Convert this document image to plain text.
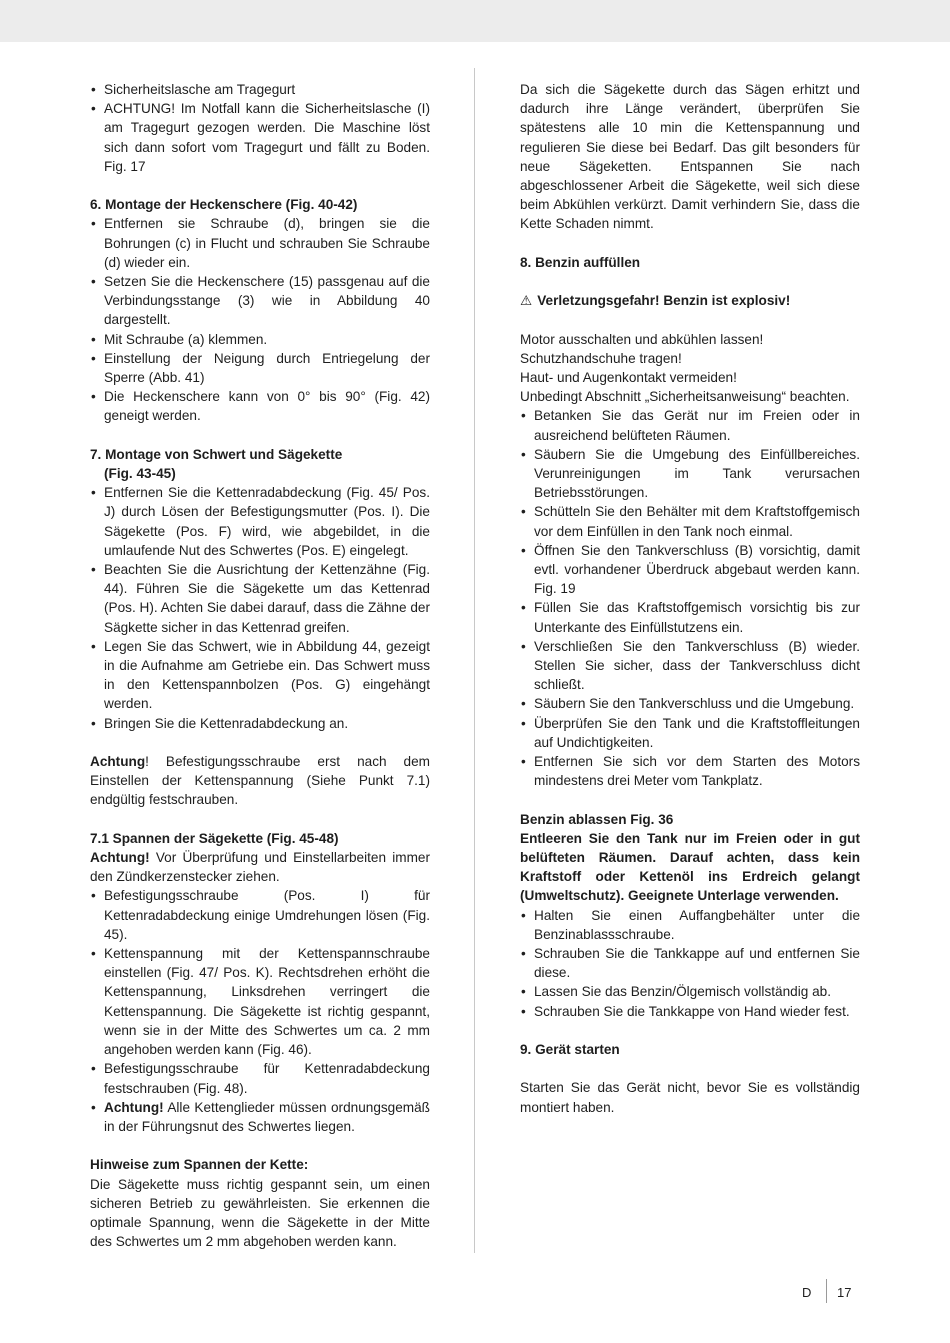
• Sicherheitslasche am Tragegurt
• ACHTUNG! Im Notfall kann die Sicherheitslasche (I) am Tragegurt gezogen werden. Die Maschine löst sich dann sofort vom Tragegurt und fällt zu Boden. Fig. 17

6. Montage der Heckenschere (Fig. 40-42)

• Entfernen sie Schraube (d), bringen sie die Bohrungen (c) in Flucht und schrauben Sie Schraube (d) wieder ein.
• Setzen Sie die Heckenschere (15) passgenau auf die Verbindungsstange (3) wie in Abbildung 40 dargestellt.
• Mit Schraube (a) klemmen.
• Einstellung der Neigung durch Entriegelung der Sperre (Abb. 41)
• Die Heckenschere kann von 0° bis 90° (Fig. 42) geneigt werden.

7. Montage von Schwert und Sägekette

(Fig. 43-45)

• Entfernen Sie die Kettenradabdeckung (Fig. 45/ Pos. J) durch Lösen der Befestigungsmutter (Pos. I). Die Sägekette (Pos. F) wird, wie abgebildet, in die umlaufende Nut des Schwertes (Pos. E) eingelegt.
• Beachten Sie die Ausrichtung der Kettenzähne (Fig. 44). Führen Sie die Sägekette um das Kettenrad (Pos. H). Achten Sie dabei darauf, dass die Zähne der Sägkette sicher in das Kettenrad greifen.
• Legen Sie das Schwert, wie in Abbildung 44, gezeigt in die Aufnahme am Getriebe ein. Das Schwert muss in den Kettenspannbolzen (Pos. G) eingehängt werden.
• Bringen Sie die Kettenradabdeckung an.

Achtung! Befestigungsschraube erst nach dem Einstellen der Kettenspannung (Siehe Punkt 7.1) endgültig festschrauben.

7.1 Spannen der Sägekette (Fig. 45-48)

Achtung! Vor Überprüfung und Einstellarbeiten immer den Zündkerzenstecker ziehen.

• Befestigungsschraube (Pos. I) für Kettenradabdeckung einige Umdrehungen lösen (Fig. 45).
• Kettenspannung mit der Kettenspannschraube einstellen (Fig. 47/ Pos. K). Rechtsdrehen erhöht die Kettenspannung, Linksdrehen verringert die Kettenspannung. Die Sägekette ist richtig gespannt, wenn sie in der Mitte des Schwertes um ca. 2 mm angehoben werden kann (Fig. 46).
• Befestigungsschraube für Kettenradabdeckung festschrauben (Fig. 48).
• Achtung! Alle Kettenglieder müssen ordnungsgemäß in der Führungsnut des Schwertes liegen.

Hinweise zum Spannen der Kette:

Die Sägekette muss richtig gespannt sein, um einen sicheren Betrieb zu gewährleisten. Sie erkennen die optimale Spannung, wenn die Sägekette in der Mitte des Schwertes um 2 mm abgehoben werden kann.

Da sich die Sägekette durch das Sägen erhitzt und dadurch ihre Länge verändert, überprüfen Sie spätestens alle 10 min die Kettenspannung und regulieren Sie diese bei Bedarf. Das gilt besonders für neue Sägeketten. Entspannen Sie nach abgeschlossener Arbeit die Sägekette, weil sich diese beim Abkühlen verkürzt. Damit verhindern Sie, dass die Kette Schaden nimmt.

8. Benzin auffüllen

⚠ Verletzungsgefahr! Benzin ist explosiv!

Motor ausschalten und abkühlen lassen!

Schutzhandschuhe tragen!

Haut- und Augenkontakt vermeiden!

Unbedingt Abschnitt „Sicherheitsanweisung“ beachten.

• Betanken Sie das Gerät nur im Freien oder in ausreichend belüfteten Räumen.
• Säubern Sie die Umgebung des Einfüllbereiches. Verunreinigungen im Tank verursachen Betriebsstörungen.
• Schütteln Sie den Behälter mit dem Kraftstoffgemisch vor dem Einfüllen in den Tank noch einmal.
• Öffnen Sie den Tankverschluss (B) vorsichtig, damit evtl. vorhandener Überdruck abgebaut werden kann. Fig. 19
• Füllen Sie das Kraftstoffgemisch vorsichtig bis zur Unterkante des Einfüllstutzens ein.
• Verschließen Sie den Tankverschluss (B) wieder. Stellen Sie sicher, dass der Tankverschluss dicht schließt.
• Säubern Sie den Tankverschluss und die Umgebung.
• Überprüfen Sie den Tank und die Kraftstoffleitungen auf Undichtigkeiten.
• Entfernen Sie sich vor dem Starten des Motors mindestens drei Meter vom Tankplatz.

Benzin ablassen Fig. 36

Entleeren Sie den Tank nur im Freien oder in gut belüfteten Räumen. Darauf achten, dass kein Kraftstoff oder Kettenöl ins Erdreich gelangt (Umweltschutz). Geeignete Unterlage verwenden.

• Halten Sie einen Auffangbehälter unter die Benzinablassschraube.
• Schrauben Sie die Tankkappe auf und entfernen Sie diese.
• Lassen Sie das Benzin/Ölgemisch vollständig ab.
• Schrauben Sie die Tankkappe von Hand wieder fest.

9. Gerät starten

Starten Sie das Gerät nicht, bevor Sie es vollständig montiert haben.

D 17
